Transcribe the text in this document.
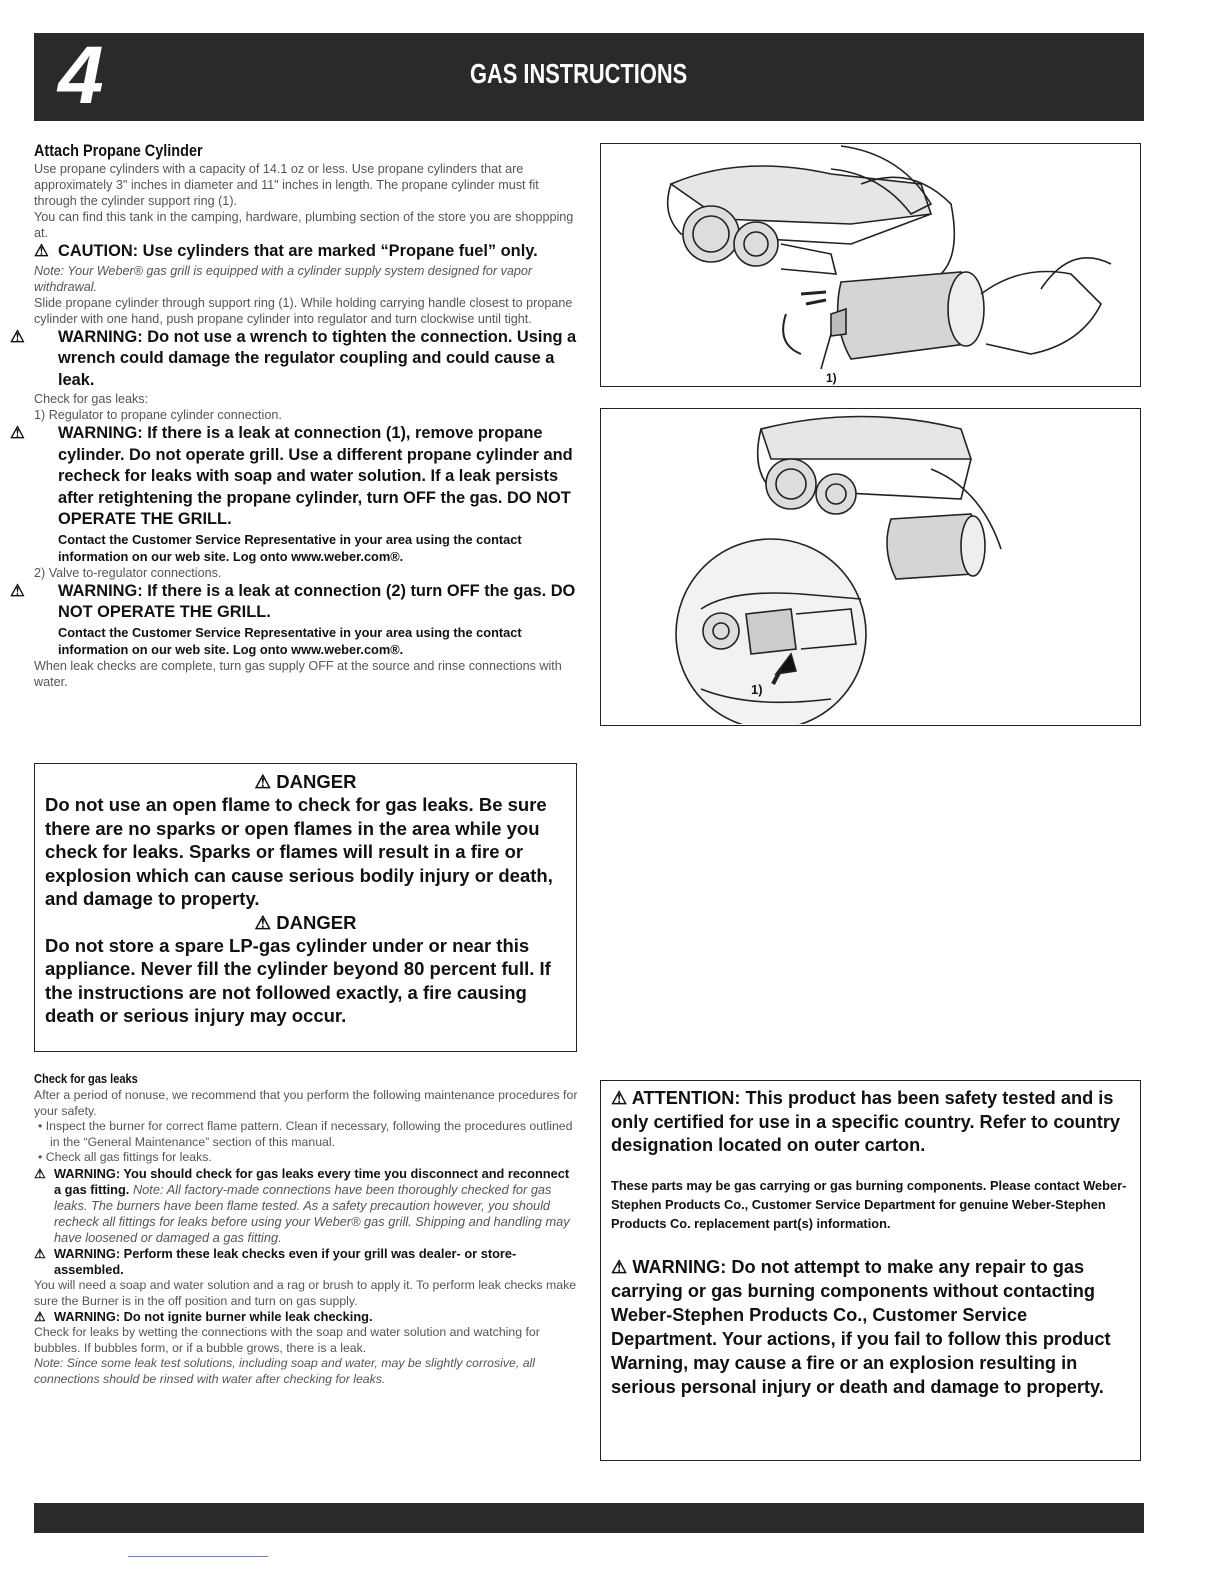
4	GAS INSTRUCTIONS

Attach Propane Cylinder

Use propane cylinders with a capacity of 14.1 oz or less. Use propane cylinders that are approximately 3" inches in diameter and 11" inches in length. The propane cylinder must fit through the cylinder support ring (1).

You can find this tank in the camping, hardware, plumbing section of the store you are shoppping at.

⚠ CAUTION: Use cylinders that are marked “Propane fuel” only.

Note: Your Weber® gas grill is equipped with a cylinder supply system designed for vapor withdrawal.

Slide propane cylinder through support ring (1). While holding carrying handle closest to propane cylinder with one hand, push propane cylinder into regulator and turn clockwise until tight.

⚠ WARNING: Do not use a wrench to tighten the connection. Using a wrench could damage the regulator coupling and could cause a leak.

Check for gas leaks:

1) Regulator to propane cylinder connection.

⚠ WARNING: If there is a leak at connection (1), remove propane cylinder. Do not operate grill. Use a different propane cylinder and recheck for leaks with soap and water solution. If a leak persists after retightening the propane cylinder, turn OFF the gas. DO NOT OPERATE THE GRILL.

Contact the Customer Service Representative in your area using the contact information on our web site. Log onto www.weber.com®.

2) Valve to-regulator connections.

⚠ WARNING: If there is a leak at connection (2) turn OFF the gas. DO NOT OPERATE THE GRILL.

Contact the Customer Service Representative in your area using the contact information on our web site. Log onto www.weber.com®.

When leak checks are complete, turn gas supply OFF at the source and rinse connections with water.

⚠ DANGER

Do not use an open flame to check for gas leaks. Be sure there are no sparks or open flames in the area while you check for leaks. Sparks or flames will result in a fire or explosion which can cause serious bodily injury or death, and damage to property.

⚠ DANGER

Do not store a spare LP-gas cylinder under or near this appliance. Never fill the cylinder beyond 80 percent full. If the instructions are not followed exactly, a fire causing death or serious injury may occur.

1)
1)

Check for gas leaks

After a period of nonuse, we recommend that you perform the following maintenance procedures for your safety.

• Inspect the burner for correct flame pattern. Clean if necessary, following the procedures outlined in the “General Maintenance” section of this manual.

• Check all gas fittings for leaks.

⚠ WARNING: You should check for gas leaks every time you disconnect and reconnect a gas fitting. Note: All factory-made connections have been thoroughly checked for gas leaks. The burners have been flame tested. As a safety precaution however, you should recheck all fittings for leaks before using your Weber® gas grill. Shipping and handling may have loosened or damaged a gas fitting.

⚠ WARNING: Perform these leak checks even if your grill was dealer- or store-assembled.

You will need a soap and water solution and a rag or brush to apply it. To perform leak checks make sure the Burner is in the off position and turn on gas supply.

⚠ WARNING: Do not ignite burner while leak checking.

Check for leaks by wetting the connections with the soap and water solution and watching for bubbles. If bubbles form, or if a bubble grows, there is a leak.

Note: Since some leak test solutions, including soap and water, may be slightly corrosive, all connections should be rinsed with water after checking for leaks.

⚠ ATTENTION: This product has been safety tested and is only certified for use in a specific country. Refer to country designation located on outer carton.

These parts may be gas carrying or gas burning components. Please contact Weber-Stephen Products Co., Customer Service Department for genuine Weber-Stephen Products Co. replacement part(s) information.

⚠ WARNING: Do not attempt to make any repair to gas carrying or gas burning components without contacting Weber-Stephen Products Co., Customer Service Department. Your actions, if you fail to follow this product Warning, may cause a fire or an explosion resulting in serious personal injury or death and damage to property.
